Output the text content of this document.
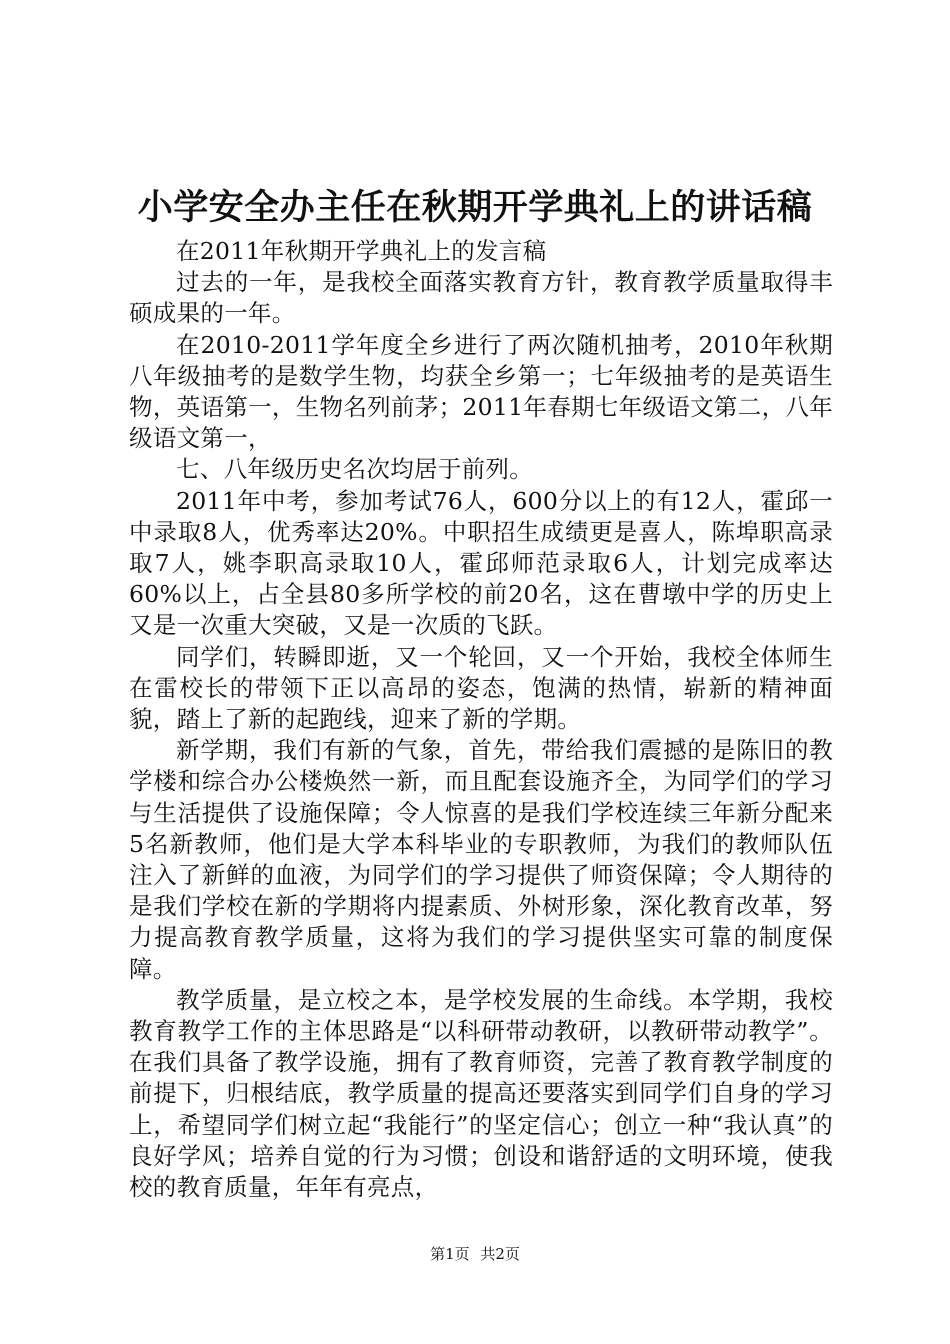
小学安全办主任在秋期开学典礼上的讲话稿

在2011年秋期开学典礼上的发言稿

过去的一年，是我校全面落实教育方针，教育教学质量取得丰硕成果的一年。

在2010-2011学年度全乡进行了两次随机抽考，2010年秋期八年级抽考的是数学生物，均获全乡第一；七年级抽考的是英语生物，英语第一，生物名列前茅；2011年春期七年级语文第二，八年级语文第一，

七、八年级历史名次均居于前列。

2011年中考，参加考试76人，600分以上的有12人，霍邱一中录取8人，优秀率达20%。中职招生成绩更是喜人，陈埠职高录取7人，姚李职高录取10人，霍邱师范录取6人，计划完成率达60%以上，占全县80多所学校的前20名，这在曹墩中学的历史上又是一次重大突破，又是一次质的飞跃。

同学们，转瞬即逝，又一个轮回，又一个开始，我校全体师生在雷校长的带领下正以高昂的姿态，饱满的热情，崭新的精神面貌，踏上了新的起跑线，迎来了新的学期。

新学期，我们有新的气象，首先，带给我们震撼的是陈旧的教学楼和综合办公楼焕然一新，而且配套设施齐全，为同学们的学习与生活提供了设施保障；令人惊喜的是我们学校连续三年新分配来5名新教师，他们是大学本科毕业的专职教师，为我们的教师队伍注入了新鲜的血液，为同学们的学习提供了师资保障；令人期待的是我们学校在新的学期将内提素质、外树形象，深化教育改革，努力提高教育教学质量，这将为我们的学习提供坚实可靠的制度保障。

教学质量，是立校之本，是学校发展的生命线。本学期，我校教育教学工作的主体思路是“以科研带动教研，以教研带动教学”。在我们具备了教学设施，拥有了教育师资，完善了教育教学制度的前提下，归根结底，教学质量的提高还要落实到同学们自身的学习上，希望同学们树立起“我能行”的坚定信心；创立一种“我认真”的良好学风；培养自觉的行为习惯；创设和谐舒适的文明环境，使我校的教育质量，年年有亮点，

第1页 共2页
